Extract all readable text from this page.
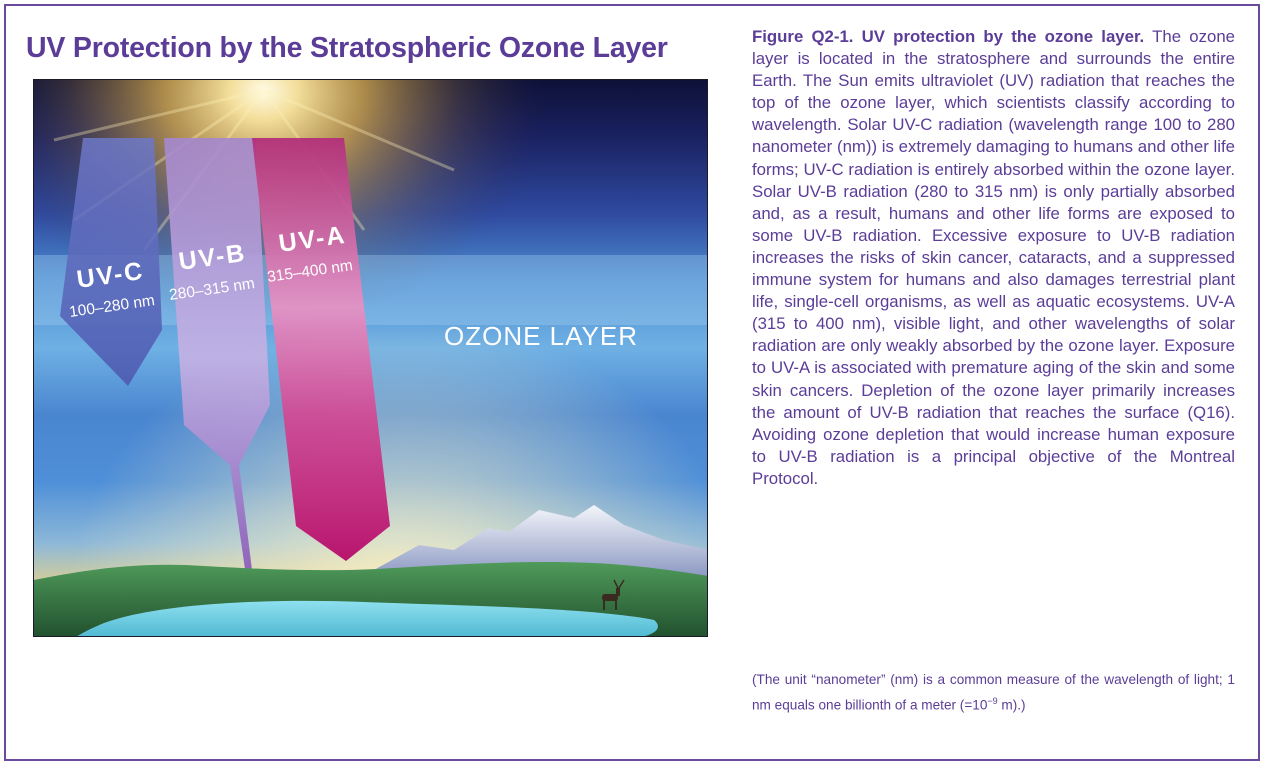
UV Protection by the Stratospheric Ozone Layer
UV-C
100–280 nm
UV-B
280–315 nm
UV-A
315–400 nm
OZONE LAYER
Figure Q2-1. UV protection by the ozone layer. The ozone layer is located in the stratosphere and surrounds the entire Earth. The Sun emits ultraviolet (UV) radiation that reaches the top of the ozone layer, which scientists classify according to wavelength. Solar UV-C radiation (wavelength range 100 to 280 nanometer (nm)) is extremely damaging to humans and other life forms; UV-C radiation is entirely absorbed within the ozone layer. Solar UV-B radiation (280 to 315 nm) is only partially absorbed and, as a result, humans and other life forms are exposed to some UV-B radiation. Excessive exposure to UV-B radiation increases the risks of skin cancer, cataracts, and a suppressed immune system for humans and also damages terrestrial plant life, single-cell organisms, as well as aquatic ecosystems. UV-A (315 to 400 nm), visible light, and other wavelengths of solar radiation are only weakly absorbed by the ozone layer. Exposure to UV-A is associated with premature aging of the skin and some skin cancers. Depletion of the ozone layer primarily increases the amount of UV-B radiation that reaches the surface (Q16). Avoiding ozone depletion that would increase human exposure to UV-B radiation is a principal objective of the Montreal Protocol.
(The unit “nanometer” (nm) is a common measure of the wavelength of light; 1 nm equals one billionth of a meter ($=10^{-9}$ m).)
